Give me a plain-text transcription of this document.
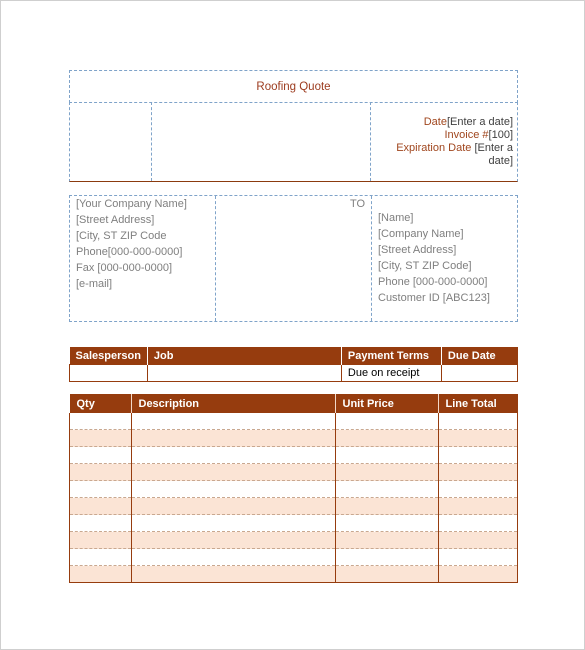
Roofing Quote
Date[Enter a date]
Invoice #[100]
Expiration Date [Enter a
date]
[Your Company Name]
[Street Address]
[City, ST ZIP Code
Phone[000-000-0000]
Fax [000-000-0000]
[e-mail]
TO
[Name]
[Company Name]
[Street Address]
[City, ST ZIP Code]
Phone [000-000-0000]
Customer ID [ABC123]
Salesperson	Job	Payment Terms	Due Date
		Due on receipt	
Qty	Description	Unit Price	Line Total
